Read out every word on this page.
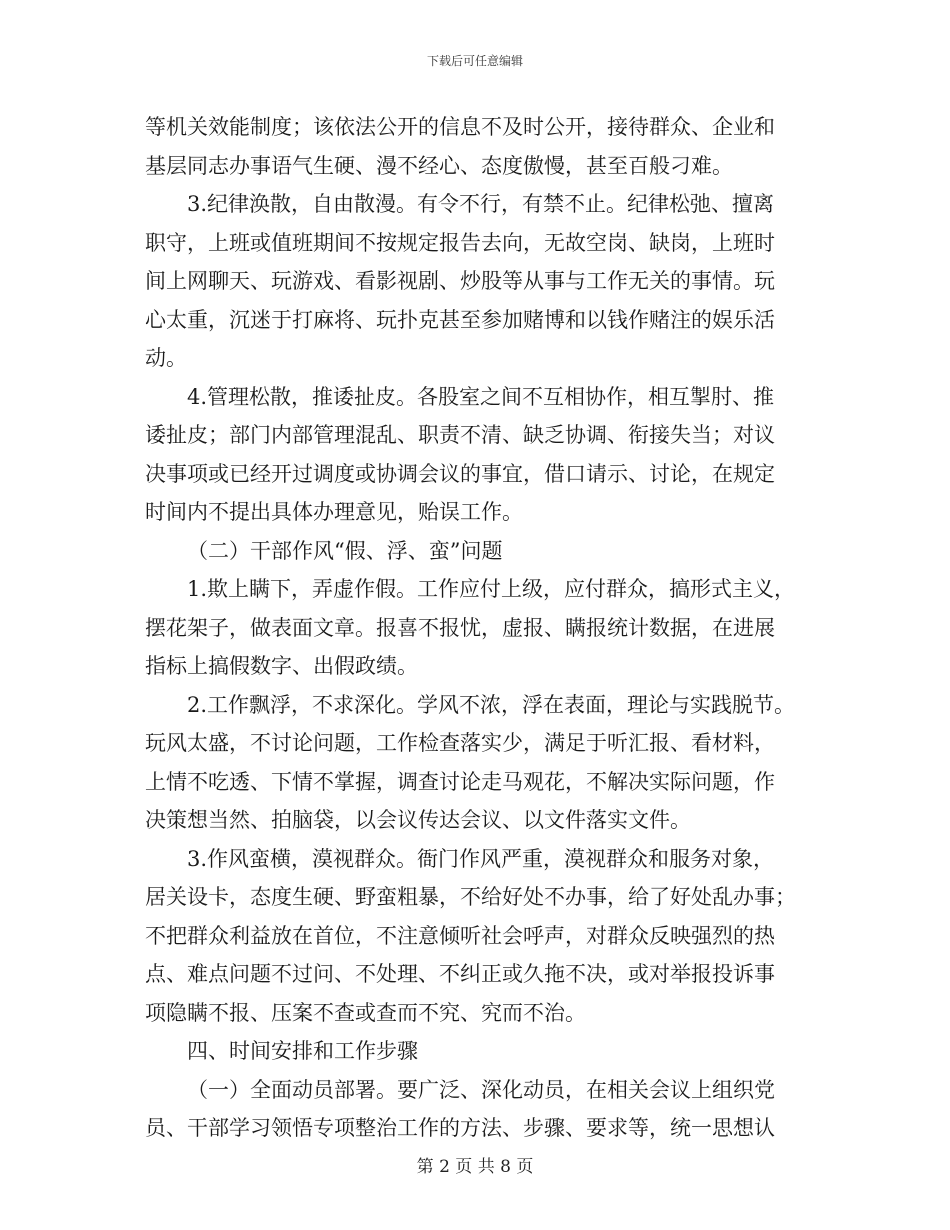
下载后可任意编辑
等机关效能制度；该依法公开的信息不及时公开，接待群众、企业和
基层同志办事语气生硬、漫不经心、态度傲慢，甚至百般刁难。
3.纪律涣散，自由散漫。有令不行，有禁不止。纪律松弛、擅离
职守，上班或值班期间不按规定报告去向，无故空岗、缺岗，上班时
间上网聊天、玩游戏、看影视剧、炒股等从事与工作无关的事情。玩
心太重，沉迷于打麻将、玩扑克甚至参加赌博和以钱作赌注的娱乐活
动。
4.管理松散，推诿扯皮。各股室之间不互相协作，相互掣肘、推
诿扯皮；部门内部管理混乱、职责不清、缺乏协调、衔接失当；对议
决事项或已经开过调度或协调会议的事宜，借口请示、讨论，在规定
时间内不提出具体办理意见，贻误工作。
（二）干部作风“假、浮、蛮”问题
1.欺上瞒下，弄虚作假。工作应付上级，应付群众，搞形式主义，
摆花架子，做表面文章。报喜不报忧，虚报、瞒报统计数据，在进展
指标上搞假数字、出假政绩。
2.工作飘浮，不求深化。学风不浓，浮在表面，理论与实践脱节。
玩风太盛，不讨论问题，工作检查落实少，满足于听汇报、看材料，
上情不吃透、下情不掌握，调查讨论走马观花，不解决实际问题，作
决策想当然、拍脑袋，以会议传达会议、以文件落实文件。
3.作风蛮横，漠视群众。衙门作风严重，漠视群众和服务对象，
居关设卡，态度生硬、野蛮粗暴，不给好处不办事，给了好处乱办事；
不把群众利益放在首位，不注意倾听社会呼声，对群众反映强烈的热
点、难点问题不过问、不处理、不纠正或久拖不决，或对举报投诉事
项隐瞒不报、压案不查或查而不究、究而不治。
四、时间安排和工作步骤
（一）全面动员部署。要广泛、深化动员，在相关会议上组织党
员、干部学习领悟专项整治工作的方法、步骤、要求等，统一思想认
第 2 页 共 8 页
